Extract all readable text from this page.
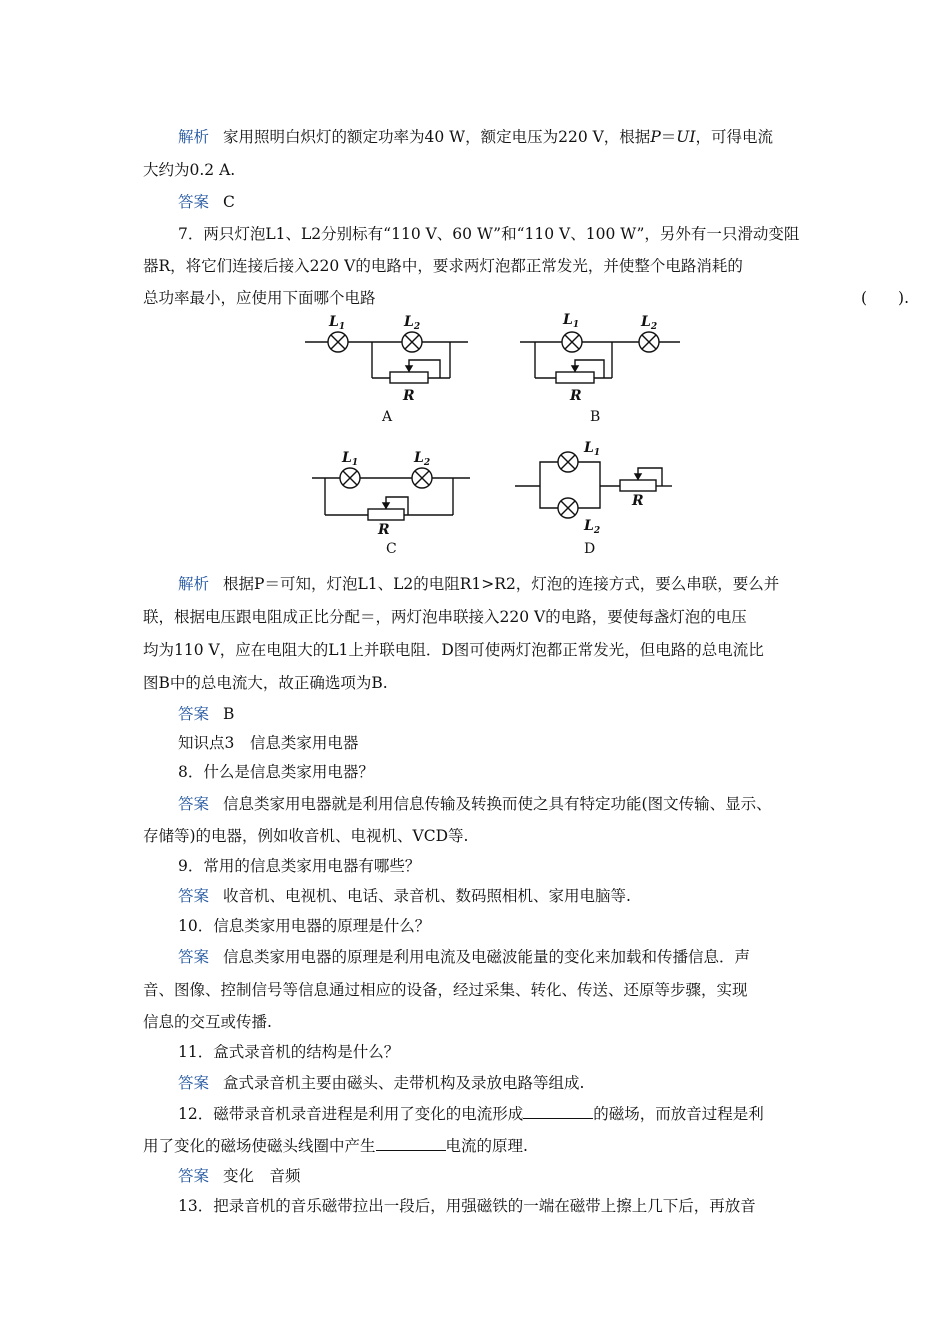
解析 家用照明白炽灯的额定功率为40 W，额定电压为220 V，根据P＝UI，可得电流
大约为0.2 A.
答案 C
7．两只灯泡L1、L2分别标有“110 V、60 W”和“110 V、100 W”，另外有一只滑动变阻
器R，将它们连接后接入220 V的电路中，要求两灯泡都正常发光，并使整个电路消耗的
总功率最小，应使用下面哪个电路	(　　).
$L_1$	$L_2$
R
$L_1$	$L_2$
R
$L_1$	$L_2$
R
$L_1$
$L_2$
R
A	B
C	D
解析 根据P＝可知，灯泡L1、L2的电阻R1>R2，灯泡的连接方式，要么串联，要么并
联，根据电压跟电阻成正比分配＝，两灯泡串联接入220 V的电路，要使每盏灯泡的电压
均为110 V，应在电阻大的L1上并联电阻．D图可使两灯泡都正常发光，但电路的总电流比
图B中的总电流大，故正确选项为B.
答案 B
知识点3　信息类家用电器
8．什么是信息类家用电器？
答案 信息类家用电器就是利用信息传输及转换而使之具有特定功能(图文传输、显示、
存储等)的电器，例如收音机、电视机、VCD等.
9．常用的信息类家用电器有哪些？
答案 收音机、电视机、电话、录音机、数码照相机、家用电脑等.
10．信息类家用电器的原理是什么？
答案 信息类家用电器的原理是利用电流及电磁波能量的变化来加载和传播信息．声
音、图像、控制信号等信息通过相应的设备，经过采集、转化、传送、还原等步骤，实现
信息的交互或传播.
11．盒式录音机的结构是什么？
答案 盒式录音机主要由磁头、走带机构及录放电路等组成.
12．磁带录音机录音进程是利用了变化的电流形成	的磁场，而放音过程是利
用了变化的磁场使磁头线圈中产生	电流的原理.
答案 变化　音频
13．把录音机的音乐磁带拉出一段后，用强磁铁的一端在磁带上擦上几下后，再放音
